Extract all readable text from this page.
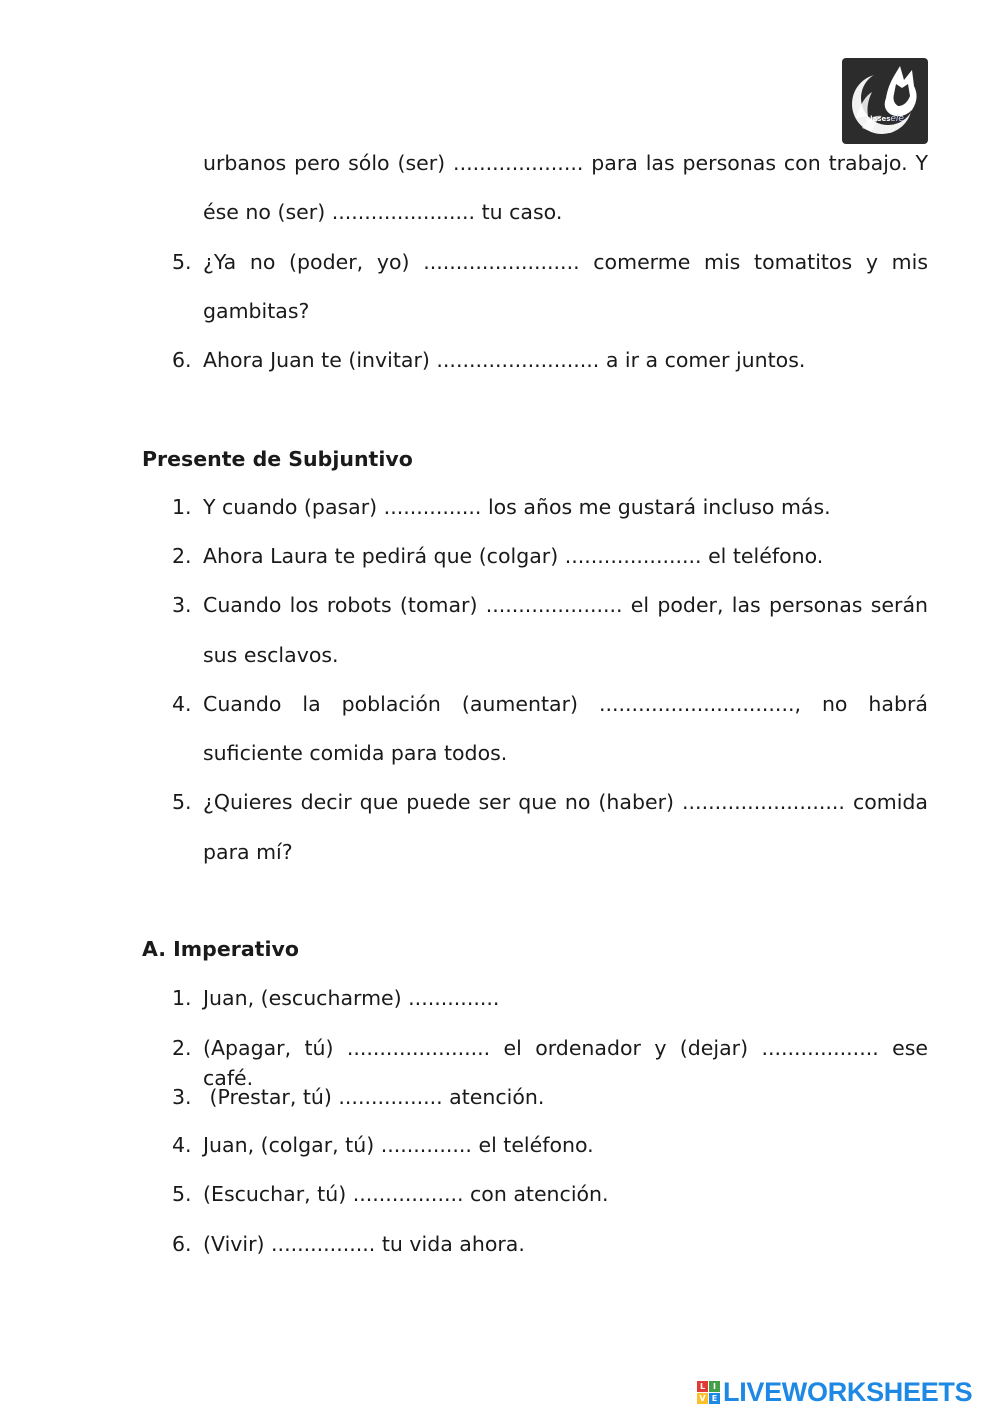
clasesele
urbanos pero sólo (ser) .................... para las personas con trabajo. Y
ése no (ser) ...................... tu caso.
5. ¿Ya no (poder, yo) ........................ comerme mis tomatitos y mis
gambitas?
6. Ahora Juan te (invitar) ......................... a ir a comer juntos.
Presente de Subjuntivo
1. Y cuando (pasar) ............... los años me gustará incluso más.
2. Ahora Laura te pedirá que (colgar) ..................... el teléfono.
3. Cuando los robots (tomar) ..................... el poder, las personas serán
sus esclavos.
4. Cuando la población (aumentar) .............................., no habrá
suficiente comida para todos.
5. ¿Quieres decir que puede ser que no (haber) ......................... comida
para mí?
A. Imperativo
1. Juan, (escucharme) ..............
2. (Apagar, tú) ...................... el ordenador y (dejar) .................. ese café.
3. (Prestar, tú) ................ atención.
4. Juan, (colgar, tú) .............. el teléfono.
5. (Escuchar, tú) ................. con atención.
6. (Vivir) ................ tu vida ahora.
L I
V E LIVEWORKSHEETS
